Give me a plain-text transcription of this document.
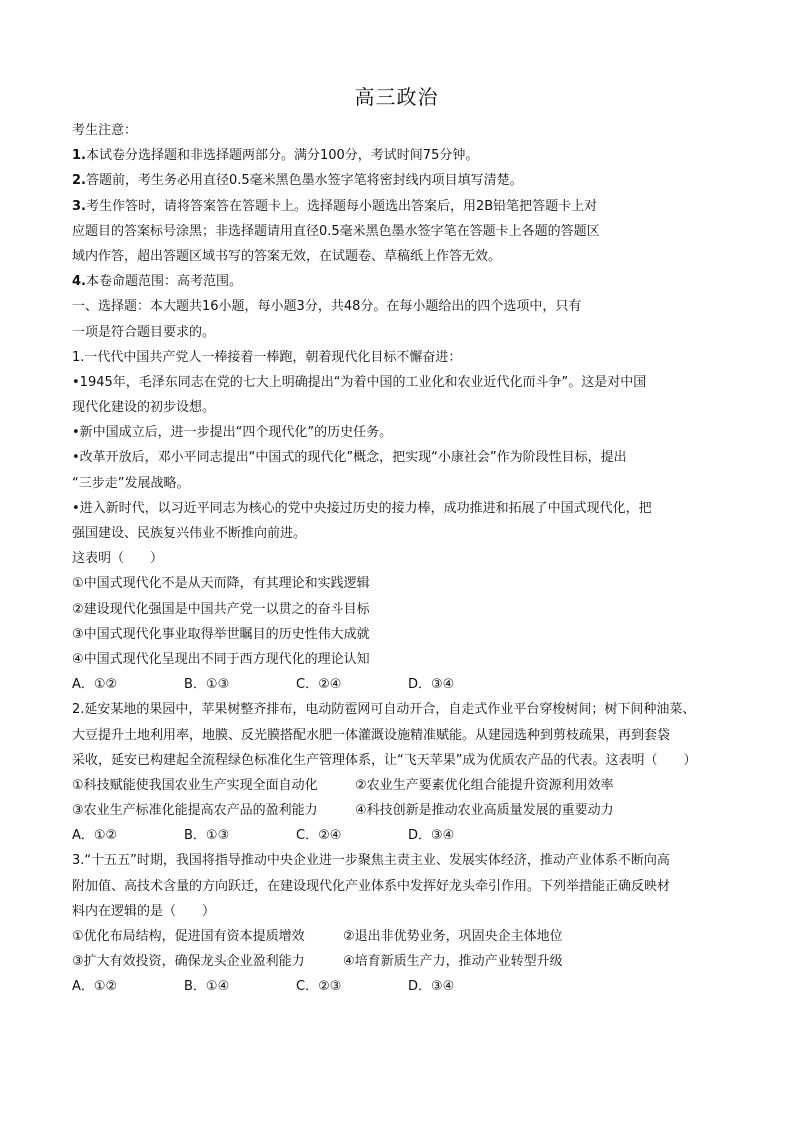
高三政治
考生注意：
1.本试卷分选择题和非选择题两部分。满分100分，考试时间75分钟。
2.答题前，考生务必用直径0.5毫米黑色墨水签字笔将密封线内项目填写清楚。
3.考生作答时，请将答案答在答题卡上。选择题每小题选出答案后，用2B铅笔把答题卡上对
应题目的答案标号涂黑；非选择题请用直径0.5毫米黑色墨水签字笔在答题卡上各题的答题区
域内作答，超出答题区域书写的答案无效，在试题卷、草稿纸上作答无效。
4.本卷命题范围：高考范围。
一、选择题：本大题共16小题，每小题3分，共48分。在每小题给出的四个选项中，只有
一项是符合题目要求的。
1.一代代中国共产党人一棒接着一棒跑，朝着现代化目标不懈奋进：
•1945年，毛泽东同志在党的七大上明确提出“为着中国的工业化和农业近代化而斗争”。这是对中国
现代化建设的初步设想。
•新中国成立后，进一步提出“四个现代化”的历史任务。
•改革开放后，邓小平同志提出“中国式的现代化”概念，把实现“小康社会”作为阶段性目标，提出
“三步走”发展战略。
•进入新时代，以习近平同志为核心的党中央接过历史的接力棒，成功推进和拓展了中国式现代化，把
强国建设、民族复兴伟业不断推向前进。
这表明（　　）
①中国式现代化不是从天而降，有其理论和实践逻辑
②建设现代化强国是中国共产党一以贯之的奋斗目标
③中国式现代化事业取得举世瞩目的历史性伟大成就
④中国式现代化呈现出不同于西方现代化的理论认知
A．①②	B．①③	C．②④	D．③④
2.延安某地的果园中，苹果树整齐排布，电动防雹网可自动开合，自走式作业平台穿梭树间；树下间种油菜、
大豆提升土地利用率，地膜、反光膜搭配水肥一体灌溉设施精准赋能。从建园选种到剪枝疏果，再到套袋
采收，延安已构建起全流程绿色标准化生产管理体系，让“飞天苹果”成为优质农产品的代表。这表明（　　）
①科技赋能使我国农业生产实现全面自动化	②农业生产要素优化组合能提升资源利用效率
③农业生产标准化能提高农产品的盈利能力	④科技创新是推动农业高质量发展的重要动力
A．①②	B．①③	C．②④	D．③④
3.“十五五”时期，我国将指导推动中央企业进一步聚焦主责主业、发展实体经济，推动产业体系不断向高
附加值、高技术含量的方向跃迁，在建设现代化产业体系中发挥好龙头牵引作用。下列举措能正确反映材
料内在逻辑的是（　　）
①优化布局结构，促进国有资本提质增效	②退出非优势业务，巩固央企主体地位
③扩大有效投资，确保龙头企业盈利能力	④培育新质生产力，推动产业转型升级
A．①②	B．①④	C．②③	D．③④
